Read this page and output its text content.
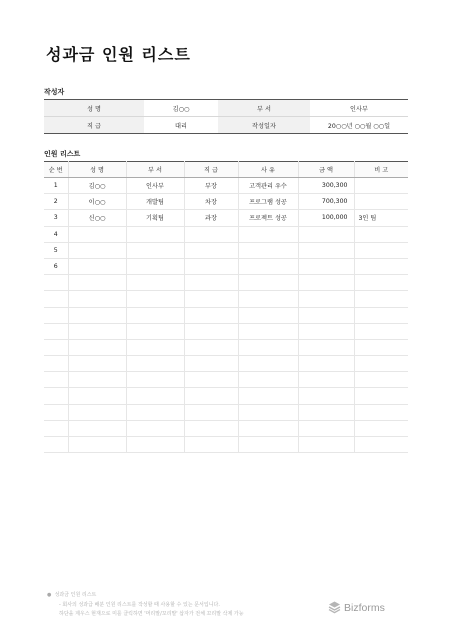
성과금 인원 리스트
작성자
성 명	김○○	부 서	인사부
직 급	대리	작성일자	20○○년 ○○월 ○○일
인원 리스트
순 번	성 명	부 서	직 급	사 유	금 액	비 고
1	김○○	인사부	부장	고객관리 우수	300,300	
2	이○○	개발팀	차장	프로그램 성공	700,300	
3	신○○	기획팀	과장	프로젝트 성공	100,000	3인 팀
4						
5						
6						

● 성과금 인원 리스트
- 회사의 성과급 배분 인원 리스트를 작성할 때 사용할 수 있는 문서입니다.
하단을 제우스 현재으로 미를 클릭하면 '머리말/꼬리말' 삽자가 전체 꼬리말 삭제 가능
Bizforms
